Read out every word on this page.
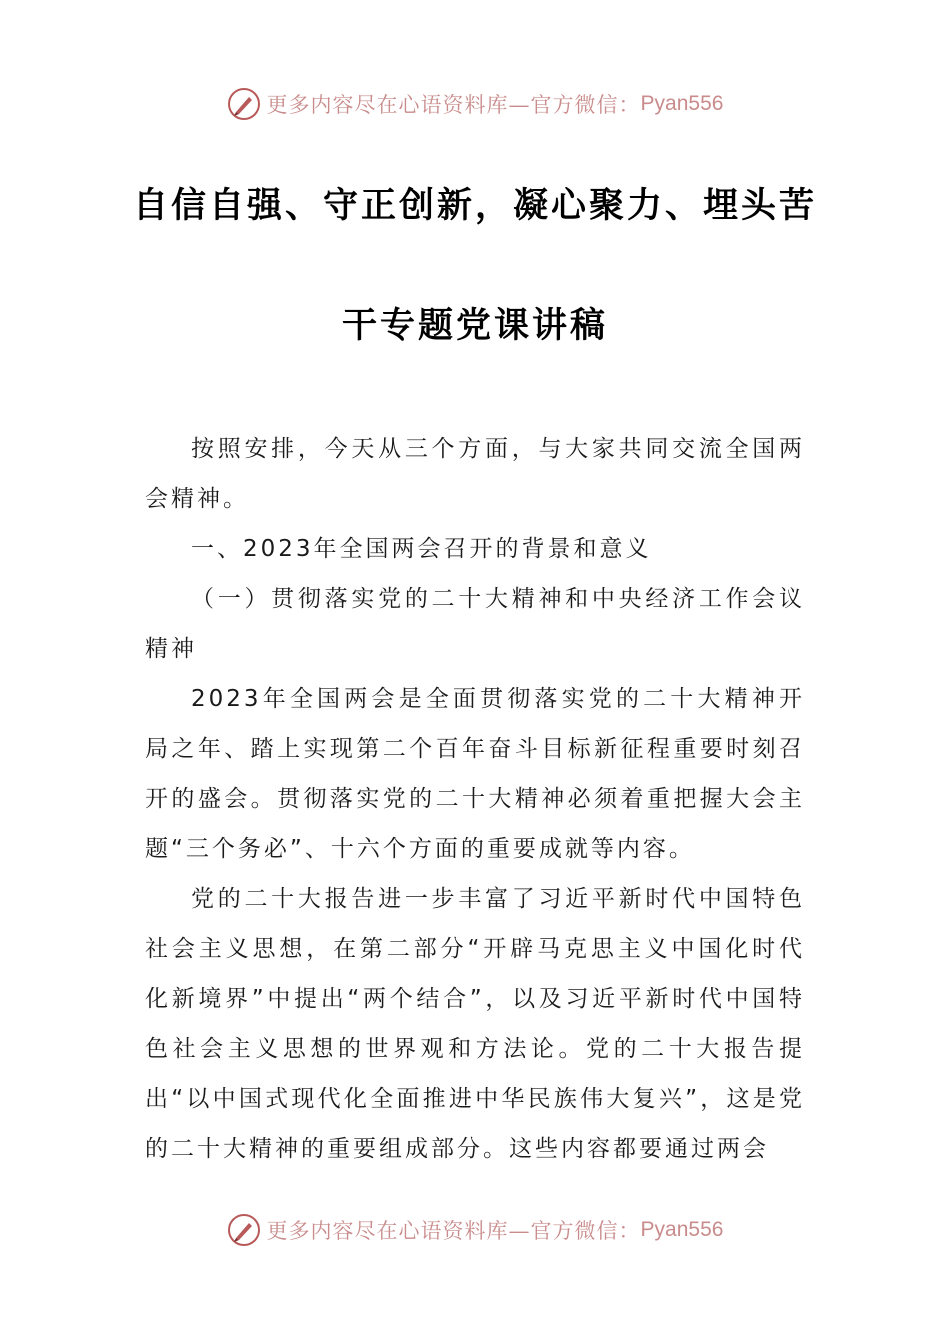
更多内容尽在心语资料库—官方微信： Pyan556
自信自强、守正创新，凝心聚力、埋头苦
干专题党课讲稿

按照安排，今天从三个方面，与大家共同交流全国两会精神。

一、2023年全国两会召开的背景和意义

（一）贯彻落实党的二十大精神和中央经济工作会议精神

2023年全国两会是全面贯彻落实党的二十大精神开局之年、踏上实现第二个百年奋斗目标新征程重要时刻召开的盛会。贯彻落实党的二十大精神必须着重把握大会主题“三个务必”、十六个方面的重要成就等内容。

党的二十大报告进一步丰富了习近平新时代中国特色社会主义思想，在第二部分“开辟马克思主义中国化时代化新境界”中提出“两个结合”，以及习近平新时代中国特色社会主义思想的世界观和方法论。党的二十大报告提出“以中国式现代化全面推进中华民族伟大复兴”，这是党的二十大精神的重要组成部分。这些内容都要通过两会

更多内容尽在心语资料库—官方微信： Pyan556
